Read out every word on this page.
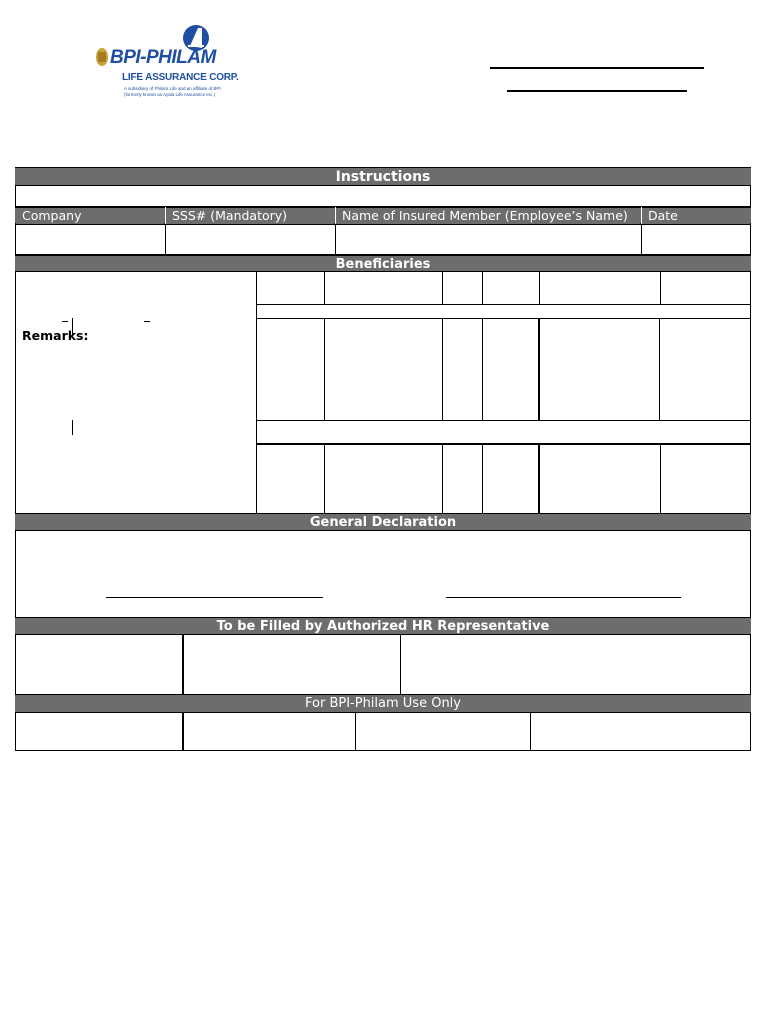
BPI-PHILAM
LIFE ASSURANCE CORP.
A subsidiary of Philam Life and an affiliate of BPI
(formerly known as Ayala Life Assurance Inc.)
Instructions
Company	SSS# (Mandatory)	Name of Insured Member (Employee’s Name)	Date
Beneficiaries
Remarks:
General Declaration
To be Filled by Authorized HR Representative
For BPI-Philam Use Only
